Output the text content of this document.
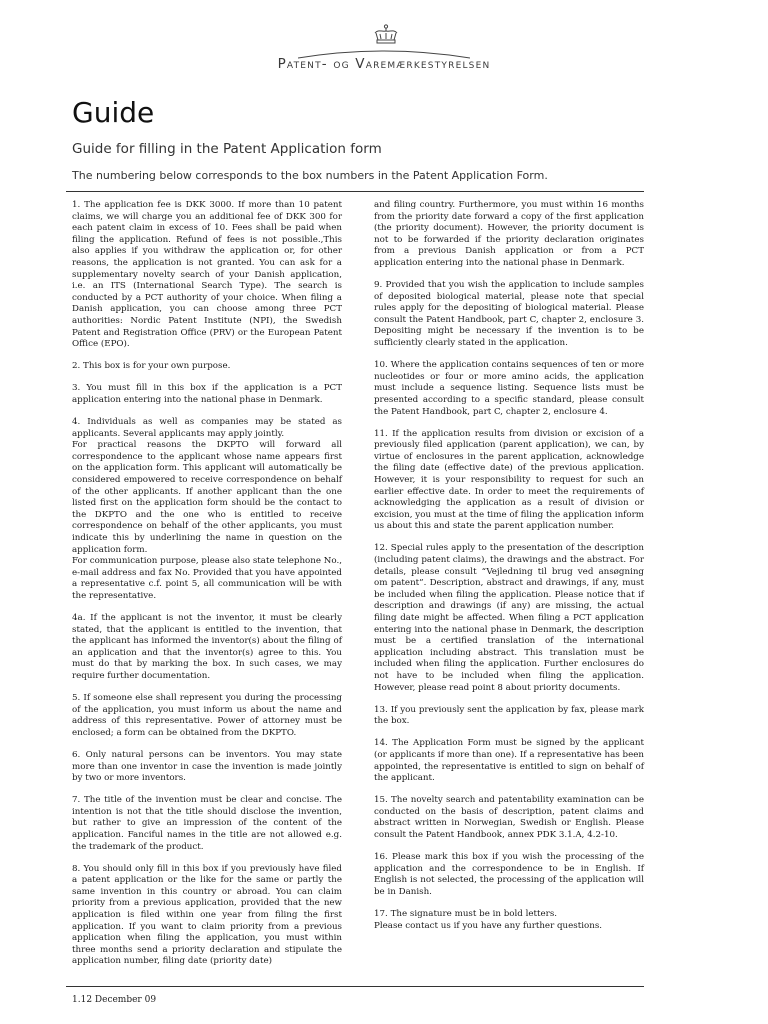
Patent- og Varemærkestyrelsen
Guide
Guide for filling in the Patent Application form
The numbering below corresponds to the box numbers in the Patent Application Form.

1. The application fee is DKK 3000. If more than 10 patent claims, we will charge you an additional fee of DKK 300 for each patent claim in excess of 10. Fees shall be paid when filing the application. Refund of fees is not possible.,This also applies if you withdraw the application or, for other reasons, the application is not granted. You can ask for a supplementary novelty search of your Danish application, i.e. an ITS (International Search Type). The search is conducted by a PCT authority of your choice. When filing a Danish application, you can choose among three PCT authorities: Nordic Patent Institute (NPI), the Swedish Patent and Registration Office (PRV) or the European Patent Office (EPO).

2. This box is for your own purpose.

3. You must fill in this box if the application is a PCT application entering into the national phase in Denmark.

4. Individuals as well as companies may be stated as applicants. Several applicants may apply jointly.
For practical reasons the DKPTO will forward all correspondence to the applicant whose name appears first on the application form. This applicant will automatically be considered empowered to receive correspondence on behalf of the other applicants. If another applicant than the one listed first on the application form should be the contact to the DKPTO and the one who is entitled to receive correspondence on behalf of the other applicants, you must indicate this by underlining the name in question on the application form.
For communication purpose, please also state telephone No., e-mail address and fax No. Provided that you have appointed a representative c.f. point 5, all communication will be with the representative.

4a. If the applicant is not the inventor, it must be clearly stated, that the applicant is entitled to the invention, that the applicant has informed the inventor(s) about the filing of an application and that the inventor(s) agree to this. You must do that by marking the box. In such cases, we may require further documentation.

5. If someone else shall represent you during the processing of the application, you must inform us about the name and address of this representative. Power of attorney must be enclosed; a form can be obtained from the DKPTO.

6. Only natural persons can be inventors. You may state more than one inventor in case the invention is made jointly by two or more inventors.

7. The title of the invention must be clear and concise. The intention is not that the title should disclose the invention, but rather to give an impression of the content of the application. Fanciful names in the title are not allowed e.g. the trademark of the product.

8. You should only fill in this box if you previously have filed a patent application or the like for the same or partly the same invention in this country or abroad. You can claim priority from a previous application, provided that the new application is filed within one year from filing the first application. If you want to claim priority from a previous application when filing the application, you must within three months send a priority declaration and stipulate the application number, filing date (priority date)

and filing country. Furthermore, you must within 16 months from the priority date forward a copy of the first application (the priority document). However, the priority document is not to be forwarded if the priority declaration originates from a previous Danish application or from a PCT application entering into the national phase in Denmark.

9. Provided that you wish the application to include samples of deposited biological material, please note that special rules apply for the depositing of biological material. Please consult the Patent Handbook, part C, chapter 2, enclosure 3. Depositing might be necessary if the invention is to be sufficiently clearly stated in the application.

10. Where the application contains sequences of ten or more nucleotides or four or more amino acids, the application must include a sequence listing. Sequence lists must be presented according to a specific standard, please consult the Patent Handbook, part C, chapter 2, enclosure 4.

11. If the application results from division or excision of a previously filed application (parent application), we can, by virtue of enclosures in the parent application, acknowledge the filing date (effective date) of the previous application. However, it is your responsibility to request for such an earlier effective date. In order to meet the requirements of acknowledging the application as a result of division or excision, you must at the time of filing the application inform us about this and state the parent application number.

12. Special rules apply to the presentation of the description (including patent claims), the drawings and the abstract. For details, please consult “Vejledning til brug ved ansøgning om patent”. Description, abstract and drawings, if any, must be included when filing the application. Please notice that if description and drawings (if any) are missing, the actual filing date might be affected. When filing a PCT application entering into the national phase in Denmark, the description must be a certified translation of the international application including abstract. This translation must be included when filing the application. Further enclosures do not have to be included when filing the application. However, please read point 8 about priority documents.

13. If you previously sent the application by fax, please mark the box.

14. The Application Form must be signed by the applicant (or applicants if more than one). If a representative has been appointed, the representative is entitled to sign on behalf of the applicant.

15. The novelty search and patentability examination can be conducted on the basis of description, patent claims and abstract written in Norwegian, Swedish or English. Please consult the Patent Handbook, annex PDK 3.1.A, 4.2-10.

16. Please mark this box if you wish the processing of the application and the correspondence to be in English. If English is not selected, the processing of the application will be in Danish.

17. The signature must be in bold letters.
Please contact us if you have any further questions.

1.12 December 09
